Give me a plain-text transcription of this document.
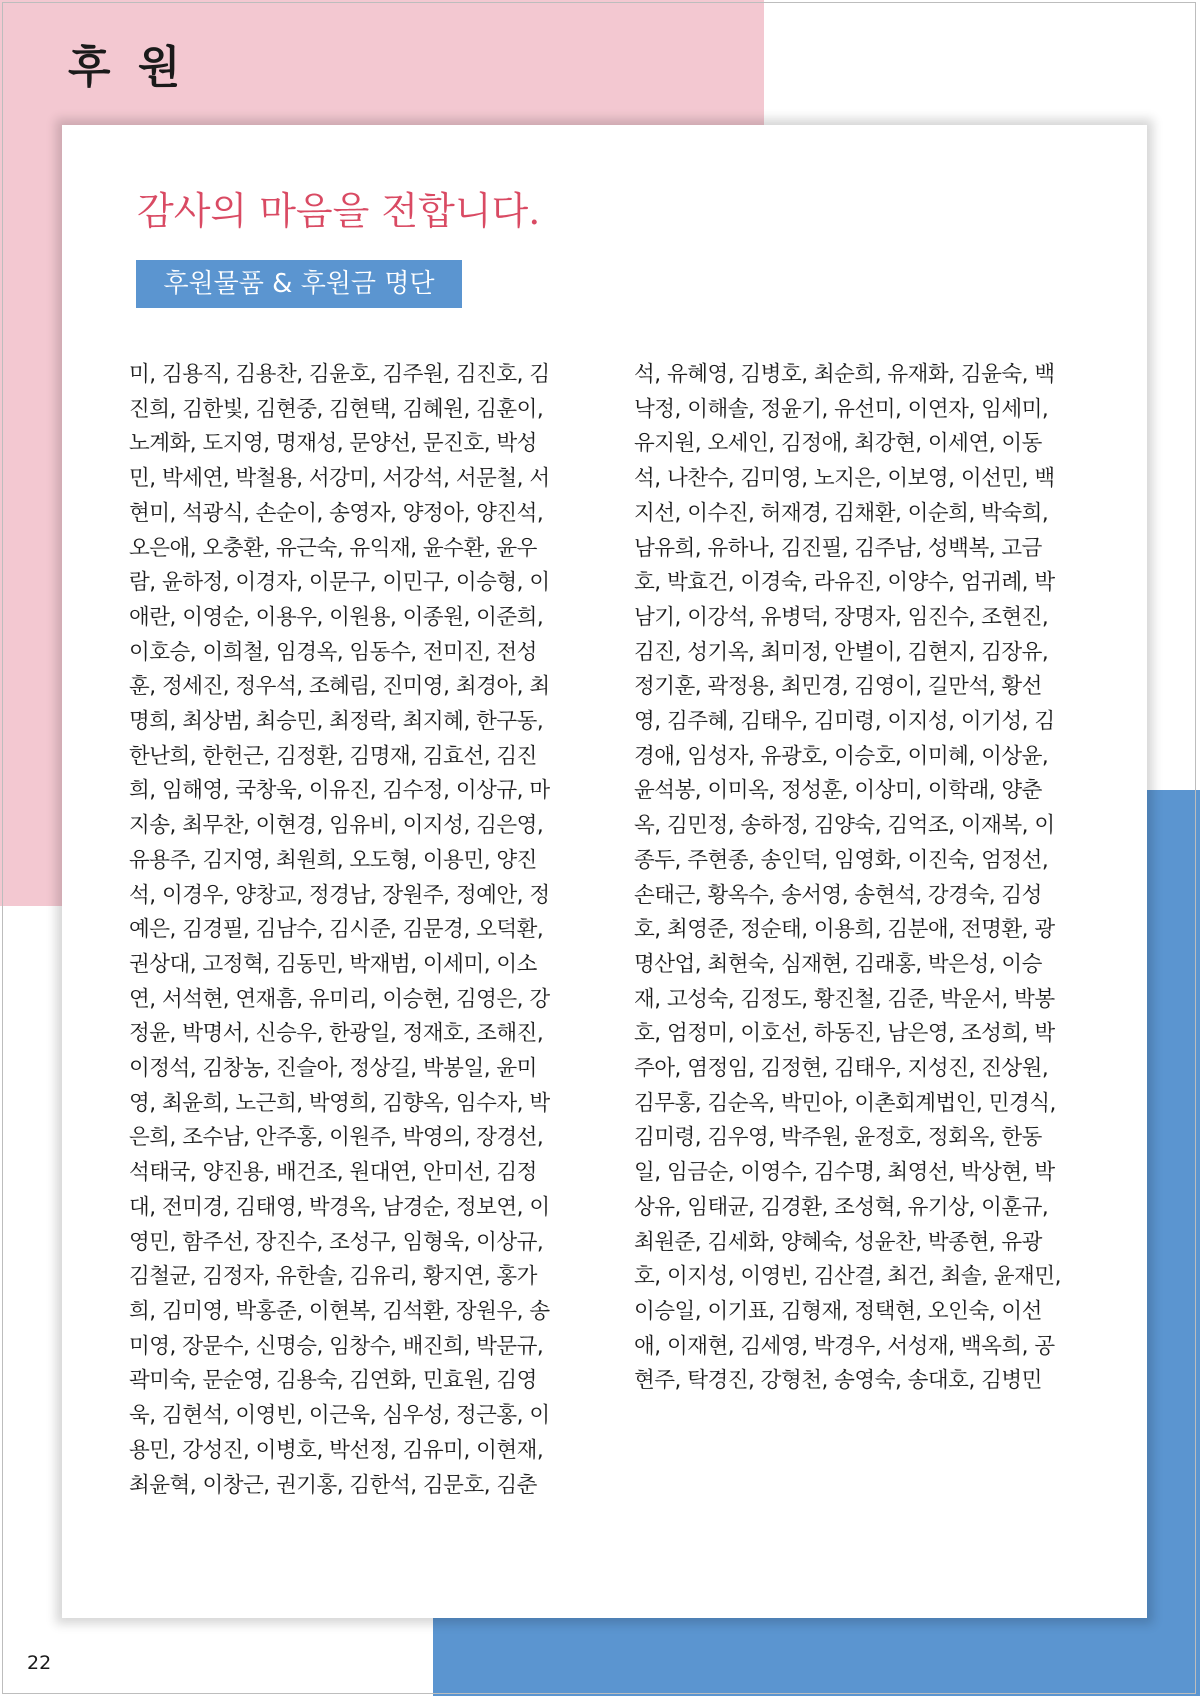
후 원
감사의 마음을 전합니다.
후원물품 & 후원금 명단

미, 김용직, 김용찬, 김윤호, 김주원, 김진호, 김
진희, 김한빛, 김현중, 김현택, 김혜원, 김훈이,
노계화, 도지영, 명재성, 문양선, 문진호, 박성
민, 박세연, 박철용, 서강미, 서강석, 서문철, 서
현미, 석광식, 손순이, 송영자, 양정아, 양진석,
오은애, 오충환, 유근숙, 유익재, 윤수환, 윤우
람, 윤하정, 이경자, 이문구, 이민구, 이승형, 이
애란, 이영순, 이용우, 이원용, 이종원, 이준희,
이호승, 이희철, 임경옥, 임동수, 전미진, 전성
훈, 정세진, 정우석, 조혜림, 진미영, 최경아, 최
명희, 최상범, 최승민, 최정락, 최지혜, 한구동,
한난희, 한헌근, 김정환, 김명재, 김효선, 김진
희, 임해영, 국창욱, 이유진, 김수정, 이상규, 마
지송, 최무찬, 이현경, 임유비, 이지성, 김은영,
유용주, 김지영, 최원희, 오도형, 이용민, 양진
석, 이경우, 양창교, 정경남, 장원주, 정예안, 정
예은, 김경필, 김남수, 김시준, 김문경, 오덕환,
권상대, 고정혁, 김동민, 박재범, 이세미, 이소
연, 서석현, 연재흠, 유미리, 이승현, 김영은, 강
정윤, 박명서, 신승우, 한광일, 정재호, 조해진,
이정석, 김창농, 진슬아, 정상길, 박봉일, 윤미
영, 최윤희, 노근희, 박영희, 김향옥, 임수자, 박
은희, 조수남, 안주홍, 이원주, 박영의, 장경선,
석태국, 양진용, 배건조, 원대연, 안미선, 김정
대, 전미경, 김태영, 박경옥, 남경순, 정보연, 이
영민, 함주선, 장진수, 조성구, 임형욱, 이상규,
김철균, 김정자, 유한솔, 김유리, 황지연, 홍가
희, 김미영, 박홍준, 이현복, 김석환, 장원우, 송
미영, 장문수, 신명승, 임창수, 배진희, 박문규,
곽미숙, 문순영, 김용숙, 김연화, 민효원, 김영
욱, 김현석, 이영빈, 이근욱, 심우성, 정근홍, 이
용민, 강성진, 이병호, 박선정, 김유미, 이현재,
최윤혁, 이창근, 권기홍, 김한석, 김문호, 김춘

석, 유혜영, 김병호, 최순희, 유재화, 김윤숙, 백
낙정, 이해솔, 정윤기, 유선미, 이연자, 임세미,
유지원, 오세인, 김정애, 최강현, 이세연, 이동
석, 나찬수, 김미영, 노지은, 이보영, 이선민, 백
지선, 이수진, 허재경, 김채환, 이순희, 박숙희,
남유희, 유하나, 김진필, 김주남, 성백복, 고금
호, 박효건, 이경숙, 라유진, 이양수, 엄귀례, 박
남기, 이강석, 유병덕, 장명자, 임진수, 조현진,
김진, 성기옥, 최미정, 안별이, 김현지, 김장유,
정기훈, 곽정용, 최민경, 김영이, 길만석, 황선
영, 김주혜, 김태우, 김미령, 이지성, 이기성, 김
경애, 임성자, 유광호, 이승호, 이미혜, 이상윤,
윤석봉, 이미옥, 정성훈, 이상미, 이학래, 양춘
옥, 김민정, 송하정, 김양숙, 김억조, 이재복, 이
종두, 주현종, 송인덕, 임영화, 이진숙, 엄정선,
손태근, 황옥수, 송서영, 송현석, 강경숙, 김성
호, 최영준, 정순태, 이용희, 김분애, 전명환, 광
명산업, 최현숙, 심재현, 김래홍, 박은성, 이승
재, 고성숙, 김정도, 황진철, 김준, 박운서, 박봉
호, 엄정미, 이호선, 하동진, 남은영, 조성희, 박
주아, 염정임, 김정현, 김태우, 지성진, 진상원,
김무홍, 김순옥, 박민아, 이촌회계법인, 민경식,
김미령, 김우영, 박주원, 윤정호, 정회옥, 한동
일, 임금순, 이영수, 김수명, 최영선, 박상현, 박
상유, 임태균, 김경환, 조성혁, 유기상, 이훈규,
최원준, 김세화, 양혜숙, 성윤찬, 박종현, 유광
호, 이지성, 이영빈, 김산결, 최건, 최솔, 윤재민,
이승일, 이기표, 김형재, 정택현, 오인숙, 이선
애, 이재현, 김세영, 박경우, 서성재, 백옥희, 공
현주, 탁경진, 강형천, 송영숙, 송대호, 김병민

22
